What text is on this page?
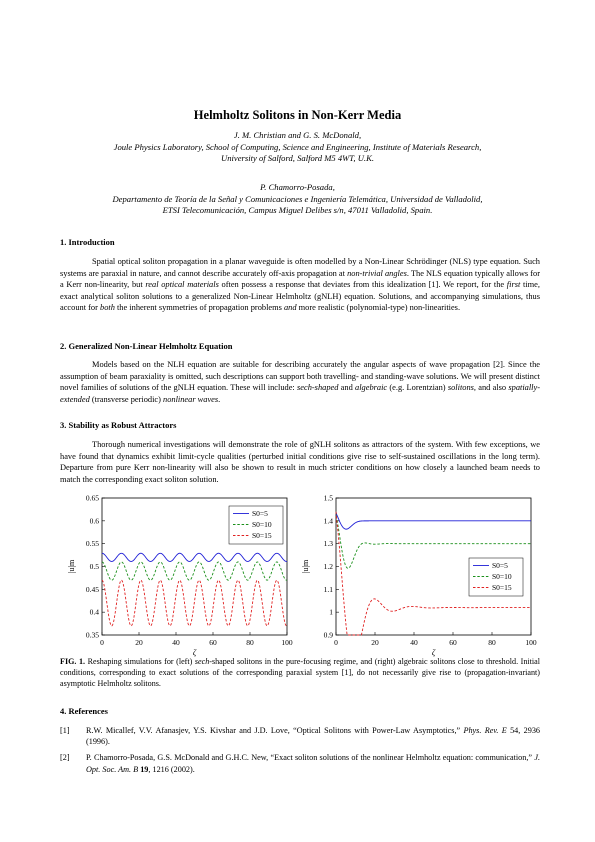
Helmholtz Solitons in Non-Kerr Media
J. M. Christian and G. S. McDonald,
Joule Physics Laboratory, School of Computing, Science and Engineering, Institute of Materials Research,
University of Salford, Salford M5 4WT, U.K.
P. Chamorro-Posada,
Departamento de Teoría de la Señal y Comunicaciones e Ingeniería Telemática, Universidad de Valladolid,
ETSI Telecomunicación, Campus Miguel Delibes s/n, 47011 Valladolid, Spain.
1. Introduction
Spatial optical soliton propagation in a planar waveguide is often modelled by a Non-Linear Schrödinger (NLS) type equation. Such systems are paraxial in nature, and cannot describe accurately off-axis propagation at non-trivial angles. The NLS equation typically allows for a Kerr non-linearity, but real optical materials often possess a response that deviates from this idealization [1]. We report, for the first time, exact analytical soliton solutions to a generalized Non-Linear Helmholtz (gNLH) equation. Solutions, and accompanying simulations, thus account for both the inherent symmetries of propagation problems and more realistic (polynomial-type) non-linearities.
2. Generalized Non-Linear Helmholtz Equation
Models based on the NLH equation are suitable for describing accurately the angular aspects of wave propagation [2]. Since the assumption of beam paraxiality is omitted, such descriptions can support both travelling- and standing-wave solutions. We will present distinct novel families of solutions of the gNLH equation. These will include: sech-shaped and algebraic (e.g. Lorentzian) solitons, and also spatially-extended (transverse periodic) nonlinear waves.
3. Stability as Robust Attractors
Thorough numerical investigations will demonstrate the role of gNLH solitons as attractors of the system. With few exceptions, we have found that dynamics exhibit limit-cycle qualities (perturbed initial conditions give rise to self-sustained oscillations in the long term). Departure from pure Kerr non-linearity will also be shown to result in much stricter conditions on how closely a launched beam needs to match the corresponding exact soliton solution.
0	20	40	60	80	100
0.35
0.4
0.45
0.5
0.55
0.6
0.65
ζ
|u|m
S0=5
S0=10
S0=15
0	20	40	60	80	100
0.9
1
1.1
1.2
1.3
1.4
1.5
ζ
|u|m	S0=5
S0=10
S0=15
FIG. 1. Reshaping simulations for (left) sech-shaped solitons in the pure-focusing regime, and (right) algebraic solitons close to threshold. Initial conditions, corresponding to exact solutions of the corresponding paraxial system [1], do not necessarily give rise to (propagation-invariant) asymptotic Helmholtz solitons.
4. References
[1] R.W. Micallef, V.V. Afanasjev, Y.S. Kivshar and J.D. Love, “Optical Solitons with Power-Law Asymptotics,” Phys. Rev. E 54, 2936 (1996).
[2] P. Chamorro-Posada, G.S. McDonald and G.H.C. New, “Exact soliton solutions of the nonlinear Helmholtz equation: communication,” J. Opt. Soc. Am. B 19, 1216 (2002).
